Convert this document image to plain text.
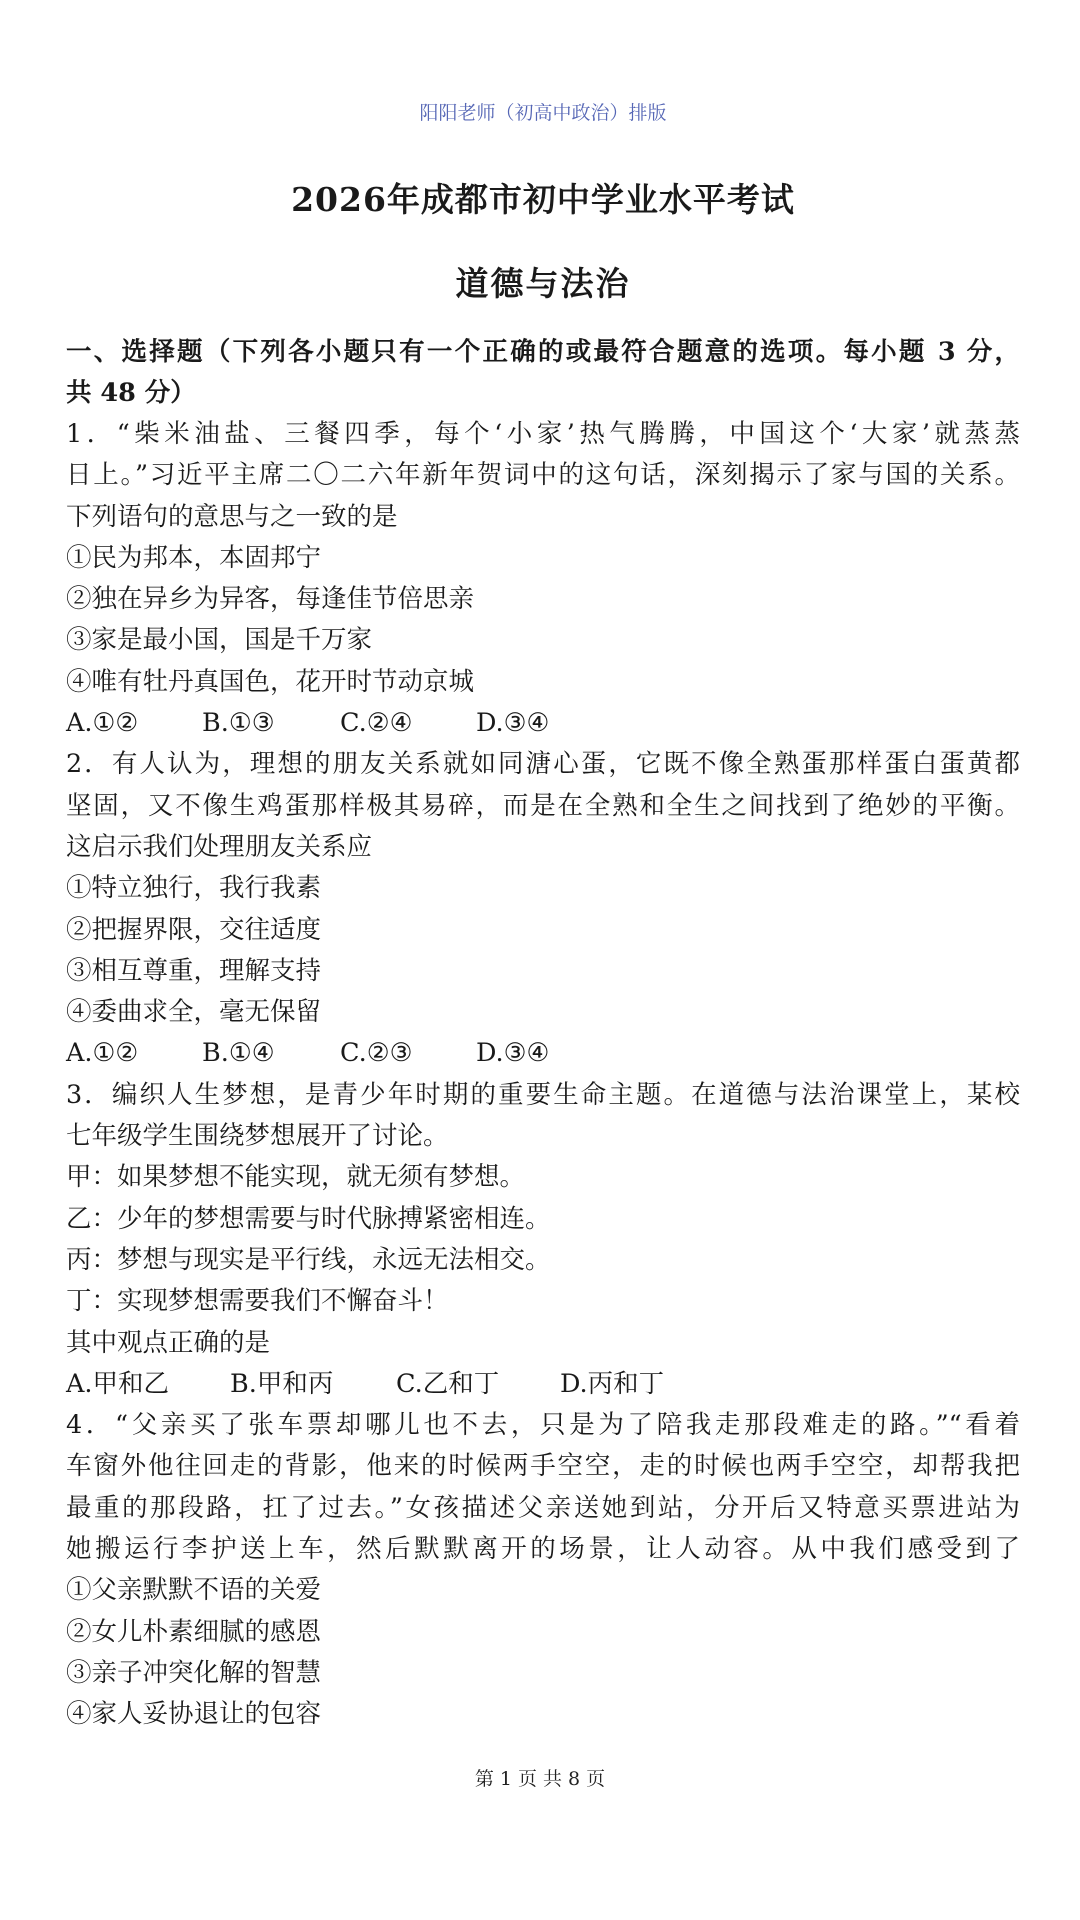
阳阳老师（初高中政治）排版
2026年成都市初中学业水平考试
道德与法治
一、选择题（下列各小题只有一个正确的或最符合题意的选项。每小题 3 分，
共 48 分）
1．“柴米油盐、三餐四季，每个‘小家’热气腾腾，中国这个‘大家’就蒸蒸
日上。”习近平主席二〇二六年新年贺词中的这句话，深刻揭示了家与国的关系。
下列语句的意思与之一致的是
①民为邦本，本固邦宁
②独在异乡为异客，每逢佳节倍思亲
③家是最小国，国是千万家
④唯有牡丹真国色，花开时节动京城
A.①②	B.①③	C.②④	D.③④
2．有人认为，理想的朋友关系就如同溏心蛋，它既不像全熟蛋那样蛋白蛋黄都
坚固，又不像生鸡蛋那样极其易碎，而是在全熟和全生之间找到了绝妙的平衡。
这启示我们处理朋友关系应
①特立独行，我行我素
②把握界限，交往适度
③相互尊重，理解支持
④委曲求全，毫无保留
A.①②	B.①④	C.②③	D.③④
3．编织人生梦想，是青少年时期的重要生命主题。在道德与法治课堂上，某校
七年级学生围绕梦想展开了讨论。
甲：如果梦想不能实现，就无须有梦想。
乙：少年的梦想需要与时代脉搏紧密相连。
丙：梦想与现实是平行线，永远无法相交。
丁：实现梦想需要我们不懈奋斗！
其中观点正确的是
A.甲和乙	B.甲和丙	C.乙和丁	D.丙和丁
4．“父亲买了张车票却哪儿也不去，只是为了陪我走那段难走的路。”“看着
车窗外他往回走的背影，他来的时候两手空空，走的时候也两手空空，却帮我把
最重的那段路，扛了过去。”女孩描述父亲送她到站，分开后又特意买票进站为
她搬运行李护送上车，然后默默离开的场景，让人动容。从中我们感受到了
①父亲默默不语的关爱
②女儿朴素细腻的感恩
③亲子冲突化解的智慧
④家人妥协退让的包容
第 1 页 共 8 页
